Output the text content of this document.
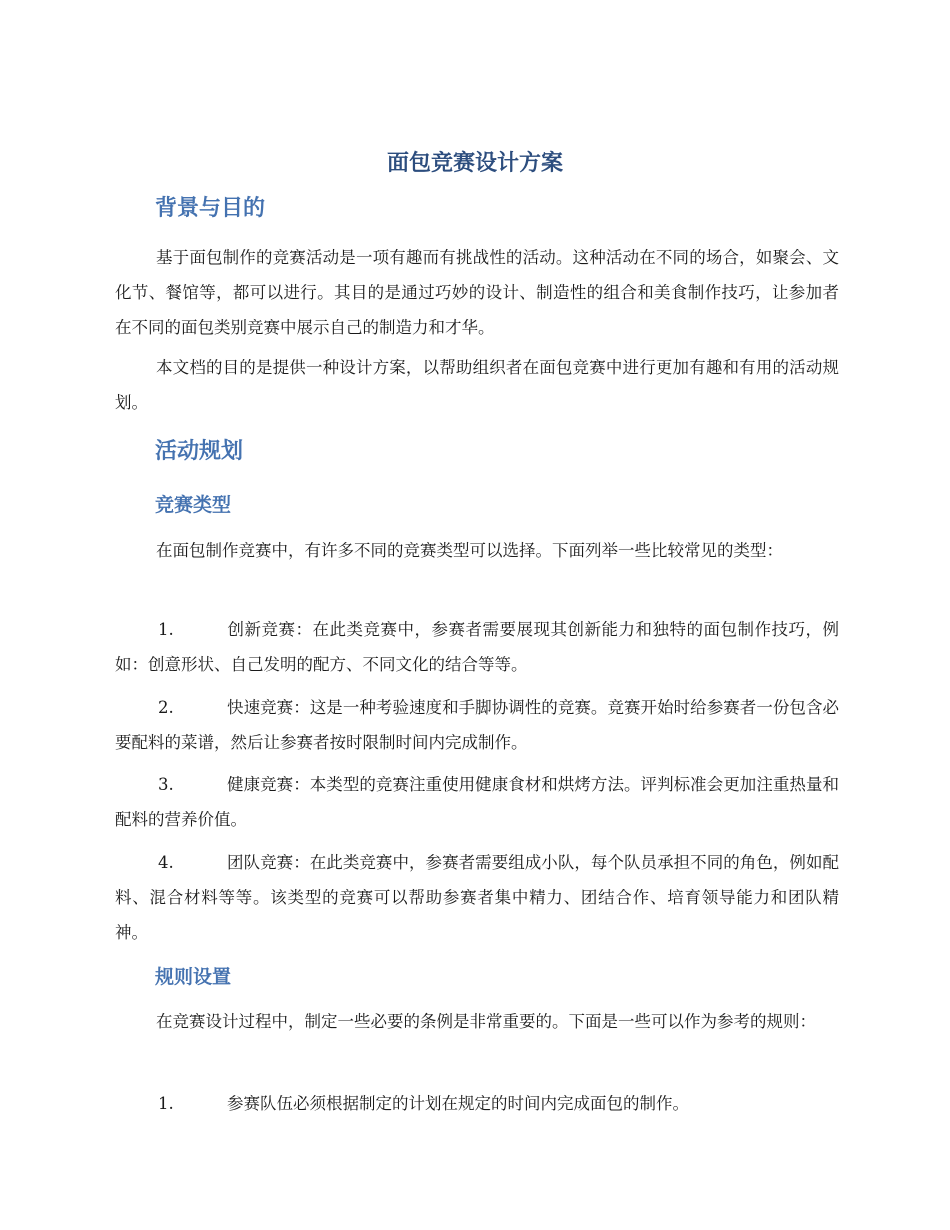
面包竞赛设计方案
背景与目的

基于面包制作的竞赛活动是一项有趣而有挑战性的活动。这种活动在不同的场合，如聚会、文化节、餐馆等，都可以进行。其目的是通过巧妙的设计、制造性的组合和美食制作技巧，让参加者在不同的面包类别竞赛中展示自己的制造力和才华。

本文档的目的是提供一种设计方案，以帮助组织者在面包竞赛中进行更加有趣和有用的活动规划。

活动规划
竞赛类型

在面包制作竞赛中，有许多不同的竞赛类型可以选择。下面列举一些比较常见的类型：

1.	创新竞赛：在此类竞赛中，参赛者需要展现其创新能力和独特的面包制作技巧，例如：创意形状、自己发明的配方、不同文化的结合等等。

2.	快速竞赛：这是一种考验速度和手脚协调性的竞赛。竞赛开始时给参赛者一份包含必要配料的菜谱，然后让参赛者按时限制时间内完成制作。

3.	健康竞赛：本类型的竞赛注重使用健康食材和烘烤方法。评判标准会更加注重热量和配料的营养价值。

4.	团队竞赛：在此类竞赛中，参赛者需要组成小队，每个队员承担不同的角色，例如配料、混合材料等等。该类型的竞赛可以帮助参赛者集中精力、团结合作、培育领导能力和团队精神。

规则设置

在竞赛设计过程中，制定一些必要的条例是非常重要的。下面是一些可以作为参考的规则：

1.	参赛队伍必须根据制定的计划在规定的时间内完成面包的制作。
